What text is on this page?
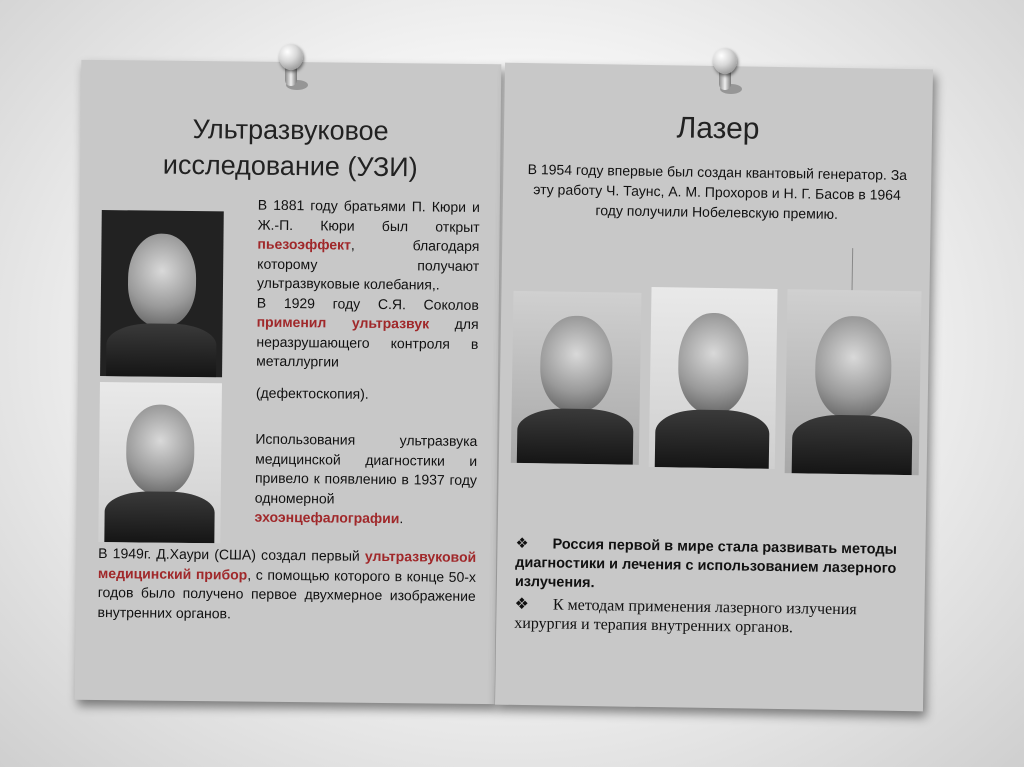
Ультразвуковое исследование (УЗИ)
В 1881 году братьями П. Кюри и Ж.-П. Кюри был открыт пьезоэффект, благодаря которому получают ультразвуковые колебания,.
В 1929 году С.Я. Соколов применил ультразвук для неразрушающего контроля в металлургии
(дефектоскопия).
Использования ультразвука медицинской диагностики и привело к появлению в 1937 году одномерной эхоэнцефалографии.
В 1949г. Д.Хаури (США) создал первый ультразвуковой медицинский прибор, с помощью которого в конце 50-х годов было получено первое двухмерное изображение внутренних органов.
Лазер
В 1954 году впервые был создан квантовый генератор. За эту работу Ч. Таунс, А. М. Прохоров и Н. Г. Басов в 1964 году получили Нобелевскую премию.
❖ Россия первой в мире стала развивать методы диагностики и лечения с использованием лазерного излучения.
❖ К методам применения лазерного излучения хирургия и терапия внутренних органов.
